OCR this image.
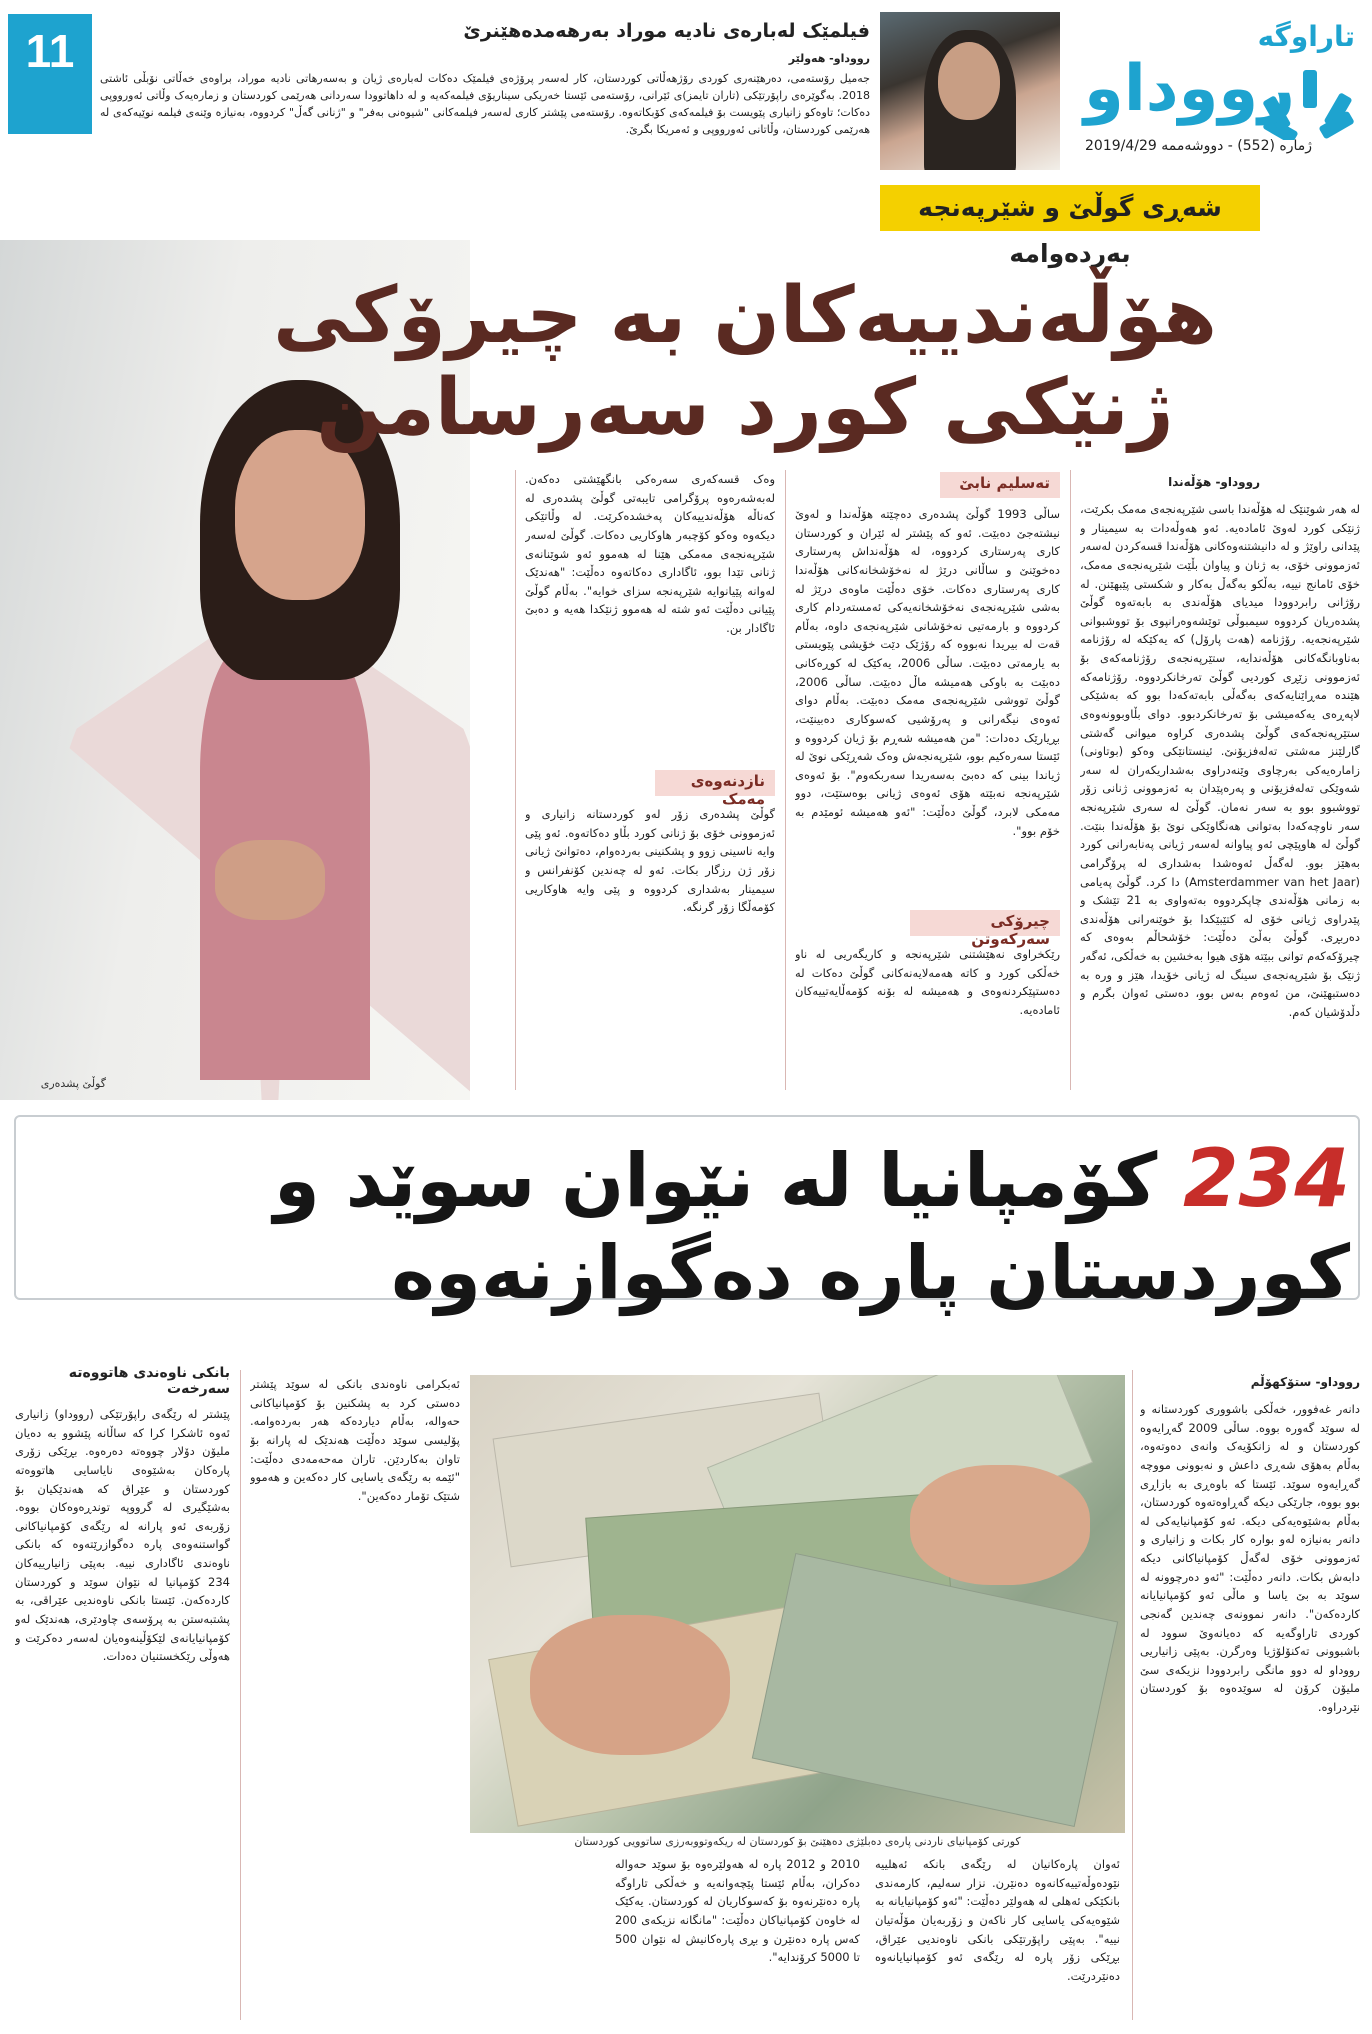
11	فیلمێک له‌باره‌ی نادیه موراد به‌رهه‌مده‌هێنرێ
رووداو- هه‌ولێر
جه‌میل رۆستەمی، دەرهێنەری کوردی رۆژهەڵاتی کوردستان، کار لەسەر پرۆژەی فیلمێک دەکات لەبارەی ژیان و بەسەرهاتی نادیە موراد، براوەی خەڵاتی نۆبڵی ئاشتی 2018. بەگوێرەی راپۆرتێکی (تاران تایمز)ی ئێرانی، رۆستەمی ئێستا خەریکی سیناریۆی فیلمەکەیە و لە داهاتوودا سەردانی هەرێمی کوردستان و زمارەیەک وڵاتی ئەورووپی دەکات؛ تاوەکو زانیاری پێویست بۆ فیلمەکەی کۆبکاتەوە. رۆستەمی پێشتر کاری لەسەر فیلمەکانی "شیوەنی بەفر" و "ژنانی گەڵ" کردووە، بەنیازە وێنەی فیلمە نوێیەکەی لە هەرێمی کوردستان، وڵاتانی ئەورووپی و ئەمریکا بگرێ.
تاراوگه
رووداو
ژماره (552) - دووشه‌ممه 2019/4/29
شه‌ڕی گوڵێ و شێرپه‌نجه به‌رده‌وامه
گوڵێ پشده‌ری
هۆڵه‌ندییه‌کان به‌ چیرۆکی ژنێکی کورد سه‌رسامن
رووداو- هۆڵه‌ندا
لە هەر شوێنێک لە هۆڵەندا باسی شێرپەنجەی مەمک بکرێت، ژنێکی کورد لەوێ ئامادەیە. ئەو هەوڵەدات بە سیمینار و پێدانی راوێژ و لە دانیشتنەوەکانی هۆڵەندا قسەکردن لەسەر ئەزموونی خۆی، بە ژنان و پیاوان بڵێت شێرپەنجەی مەمک، خۆی ئامانج نییە، بەڵکو بەگەڵ بەکار و شکستی پێبهێنن. لە رۆژانی رابردوودا میدیای هۆڵەندی بە بابەتەوە گوڵێ پشدەریان کردووە سیمبوڵی توێشەوەرانپوی بۆ تووشبوانی شێرپەنجەیە. رۆژنامە (هەت پارۆل) کە یەکێکە لە رۆژنامە بەناوبانگەکانی هۆڵەندایە، ستێرپەنجەی رۆژنامەکەی بۆ ئەزموونی زێڕی کوردیی گوڵێ تەرخانکردووە. رۆژنامەکە هێندە مەڕاێنایەکەی بەگەڵی بابەتەکەدا بوو کە بەشێکی لاپەڕەی یەکەمیشی بۆ تەرخانکردبوو. دوای بڵاوبوونەوەی ستێرپەنجەکەی گوڵێ پشدەری کراوە میوانی گەشتی گارلێنز مەشتی تەلەفزیۆنێ. ئینستانێکی وەکو (بوتاونی) زامارەیەکی بەرچاوی وێنەدراوی بەشداریکەران لە سەر شەوێکی تەلەفزیۆنی و پەرەپێدان بە ئەزموونی ژنانی زۆر تووشبوو بوو بە سەر نەمان. گوڵێ لە سەری شێرپەنجە سەر ناوچەکەدا بەتوانی هەنگاوێکی نوێ بۆ هۆڵەندا بنێت. گوڵێ لە هاوپێچی ئەو پیاوانە لەسەر ژیانی پەنابەرانی کورد بەهێز بوو. لەگەڵ ئەوەشدا بەشداری لە پرۆگرامی (Amsterdammer van het Jaar) دا کرد. گوڵێ پەیامی بە زمانی هۆڵەندی چاپکردووە بەتەواوی بە 21 تێشک و پێدراوی ژیانی خۆی لە کتێبێکدا بۆ خوێنەرانی هۆڵەندی دەربڕی. گوڵێ بەڵێ دەڵێت: خۆشحاڵم بەوەی کە چیرۆکەکەم توانی ببێتە هۆی هیوا بەخشین بە خەڵکی، ئەگەر ژنێک بۆ شێرپەنجەی سینگ لە ژیانی خۆیدا، هێز و ورە بە دەستبهێنێ، من ئەوەم بەس بوو، دەستی ئەوان بگرم و دڵدۆشیان کەم.
تەسلیم نابێ
ساڵی 1993 گوڵێ پشدەری دەچێتە هۆڵەندا و لەوێ نیشتەجێ دەبێت. ئەو کە پێشتر لە ئێران و کوردستان کاری پەرستاری کردووە، لە هۆڵەنداش پەرستاری دەخوێنێ و ساڵانی درێژ لە نەخۆشخانەکانی هۆڵەندا کاری پەرستاری دەکات. خۆی دەڵێت ماوەی درێژ لە بەشی شێرپەنجەی نەخۆشخانەیەکی ئەمستەردام کاری کردووە و بارمەتیی نەخۆشانی شێرپەنجەی داوە، بەڵام قەت لە بیریدا نەبووە کە رۆژێک دێت خۆیشی پێویستی بە یارمەتی دەبێت. ساڵی 2006، یەکێک لە کوڕەکانی دەبێت بە باوکی هەمیشە ماڵ دەبێت. ساڵی 2006، گوڵێ تووشی شێرپەنجەی مەمک دەبێت. بەڵام دوای ئەوەی نیگەرانی و پەرۆشیی کەسوکاری دەبینێت، بڕیارێک دەدات: "من هەمیشە شەڕم بۆ ژیان کردووە و ئێستا سەرەکیم بوو، شێرپەنجەش وەک شەڕێکی نوێ لە ژیاندا بینی کە دەبێ بەسەریدا سەربکەوم". بۆ ئەوەی شێرپەنجە نەبێتە هۆی ئەوەی ژیانی بوەستێت، دوو مەمکی لابرد، گوڵێ دەڵێت: "ئەو هەمیشە ئومێدم بە خۆم بوو".
چیرۆکی سەرکەوتن
رێکخراوی نەهێشتنی شێرپەنجە و کاریگەریی لە ناو خەڵکی کورد و کاتە هەمەلایەنەکانی گوڵێ دەکات لە دەستپێکردنەوەی و هەمیشە لە بۆنە کۆمەڵایەتییەکان ئامادەیە.
وەک قسەکەری سەرەکی بانگهێشتی دەکەن. لەبەشەرەوە پرۆگرامی تایبەتی گوڵێ پشدەری لە کەناڵە هۆڵەندییەکان پەخشدەکرێت. لە وڵاتێکی دیکەوە وەکو کۆچبەر هاوکاریی دەکات. گوڵێ لەسەر شێرپەنجەی مەمکی هێنا لە هەموو ئەو شوێنانەی ژنانی تێدا بوو، ئاگاداری دەکاتەوە دەڵێت: "هەندێک لەوانە پێیانوایە شێرپەنجە سزای خوایە". بەڵام گوڵێ پێیانی دەڵێت ئەو شتە لە هەموو ژنێکدا هەیە و دەبێ ئاگادار بن.
نازدنەوەی مەمک
گوڵێ پشدەری زۆر لەو کوردستانە زانیاری و ئەزموونی خۆی بۆ ژنانی کورد بڵاو دەکاتەوە. ئەو پێی وایە ناسینی زوو و پشکنینی بەردەوام، دەتوانێ ژیانی زۆر ژن رزگار بکات. ئەو لە چەندین کۆنفرانس و سیمینار بەشداری کردووە و پێی وایە هاوکاریی کۆمەڵگا زۆر گرنگە.
234 کۆمپانیا له‌ نێوان سوێد و کوردستان پاره‌ ده‌گوازنه‌وه‌
رووداو- ستۆکهۆڵم
دانەر غەفوور، خەڵکی باشووری کوردستانە و لە سوێد گەورە بووە. ساڵی 2009 گەڕایەوە کوردستان و لە زانکۆیەک وانەی دەوتەوە، بەڵام بەهۆی شەڕی داعش و نەبوونی مووچە گەڕایەوە سوێد. ئێستا کە باوەڕی بە بازاڕی بوو بووە، جارێکی دیکە گەڕاوەتەوە کوردستان، بەڵام بەشێوەیەکی دیکە. ئەو کۆمپانیایەکی لە دانەر بەنیازە لەو بوارە کار بکات و زانیاری و ئەزموونی خۆی لەگەڵ کۆمپانیاکانی دیکە دابەش بکات. دانەر دەڵێت: "ئەو دەرچوونە لە سوێد بە بێ یاسا و ماڵی ئەو کۆمپانیایانە کاردەکەن". دانەر نموونەی چەندین گەنجی کوردی تاراوگەیە کە دەیانەوێ سوود لە باشبوونی تەکنۆلۆژیا وەرگرن. بەپێی زانیاریی رووداو لە دوو مانگی رابردوودا نزیکەی سێ ملیۆن کرۆن لە سوێدەوە بۆ کوردستان نێردراوە.
کورتی کۆمپانیای ناردنی پارەی دەبلێژی دەهێنێ بۆ کوردستان لە ریکەوتووبەرزی ساتوویی کوردستان
ئەوان پارەکانیان لە رێگەی بانکە ئەهلییە نێودەوڵەتییەکانەوە دەنێرن. نزار سەلیم، کارمەندی بانکێکی ئەهلی لە هەولێر دەڵێت: "ئەو کۆمپانیایانە بە شێوەیەکی یاسایی کار ناکەن و زۆربەیان مۆڵەتیان نییە". بەپێی راپۆرتێکی بانکی ناوەندیی عێراق، بڕێکی زۆر پارە لە رێگەی ئەو کۆمپانیایانەوە دەنێردرێت.
2010 و 2012 پارە لە هەولێرەوە بۆ سوێد حەوالە دەکران، بەڵام ئێستا پێچەوانەیە و خەڵکی تاراوگە پارە دەنێرنەوە بۆ کەسوکاریان لە کوردستان. یەکێک لە خاوەن کۆمپانیاکان دەڵێت: "مانگانە نزیکەی 200 کەس پارە دەنێرن و بڕی پارەکانیش لە نێوان 500 تا 5000 کرۆندایە".
ئەبکرامی ناوەندی بانکی لە سوێد پێشتر دەستی کرد بە پشکنین بۆ کۆمپانیاکانی حەوالە، بەڵام دیاردەکە هەر بەردەوامە. پۆلیسی سوێد دەڵێت هەندێک لە پارانە بۆ تاوان بەکاردێن. تاران مەحەمەدی دەڵێت: "ئێمە بە رێگەی یاسایی کار دەکەین و هەموو شتێک تۆمار دەکەین".
بانکی ناوەندی هاتووەتە سەرخەت
پێشتر لە رێگەی راپۆرتێکی (رووداو) زانیاری ئەوە ئاشکرا کرا کە ساڵانە پێشوو بە دەیان ملیۆن دۆلار چووەتە دەرەوە. بڕێکی زۆری پارەکان بەشێوەی نایاسایی هاتووەتە کوردستان و عێراق کە هەندێکیان بۆ بەشێگیری لە گرووپە توندڕەوەکان بووە. زۆربەی ئەو پارانە لە رێگەی کۆمپانیاکانی گواستنەوەی پارە دەگوازرێتەوە کە بانکی ناوەندی ئاگاداری نییە. بەپێی زانیارییەکان 234 کۆمپانیا لە نێوان سوێد و کوردستان کاردەکەن. ئێستا بانکی ناوەندیی عێراقی، بە پشتبەستن بە پرۆسەی چاودێری، هەندێک لەو کۆمپانیایانەی لێکۆڵینەوەیان لەسەر دەکرێت و هەوڵی رێکخستنیان دەدات.
